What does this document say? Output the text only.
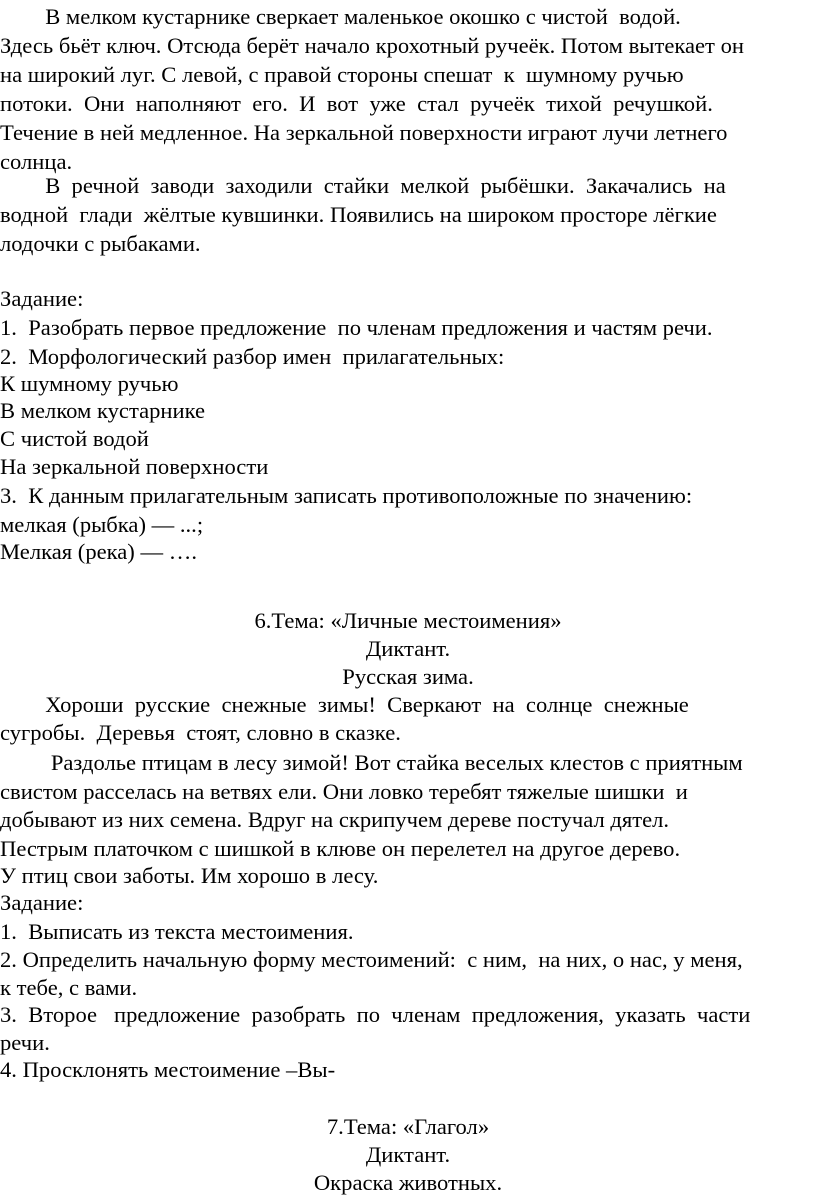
В мелком кустарнике сверкает маленькое окошко с чистой  водой.
Здесь бьёт ключ. Отсюда берёт начало крохотный ручеёк. Потом вытекает он
на широкий луг. С левой, с правой стороны спешат  к  шумному ручью
потоки.  Они  наполняют  его.  И  вот  уже  стал  ручеёк  тихой  речушкой.
Течение в ней медленное. На зеркальной поверхности играют лучи летнего
солнца.
В  речной  заводи  заходили  стайки  мелкой  рыбёшки.  Закачались  на
водной  глади  жёлтые кувшинки. Появились на широком просторе лёгкие
лодочки с рыбаками.
Задание:
1.  Разобрать первое предложение  по членам предложения и частям речи.
2.  Морфологический разбор имен  прилагательных:
К шумному ручью
В мелком кустарнике
С чистой водой
На зеркальной поверхности
3.  К данным прилагательным записать противоположные по значению:
мелкая (рыбка) — ...;
Мелкая (река) — ….
6.Тема: «Личные местоимения»
Диктант.
Русская зима.
Хороши  русские  снежные  зимы!  Сверкают  на  солнце  снежные
сугробы.  Деревья  стоят, словно в сказке.
Раздолье птицам в лесу зимой! Вот стайка веселых клестов с приятным
свистом расселась на ветвях ели. Они ловко теребят тяжелые шишки  и
добывают из них семена. Вдруг на скрипучем дереве постучал дятел.
Пестрым платочком с шишкой в клюве он перелетел на другое дерево.
У птиц свои заботы. Им хорошо в лесу.
Задание:
1.  Выписать из текста местоимения.
2. Определить начальную форму местоимений:  с ним,  на них, о нас, у меня,
к тебе, с вами.
3.  Второе   предложение  разобрать  по  членам  предложения,  указать  части
речи.
4. Просклонять местоимение –Вы-
7.Тема: «Глагол»
Диктант.
Окраска животных.
